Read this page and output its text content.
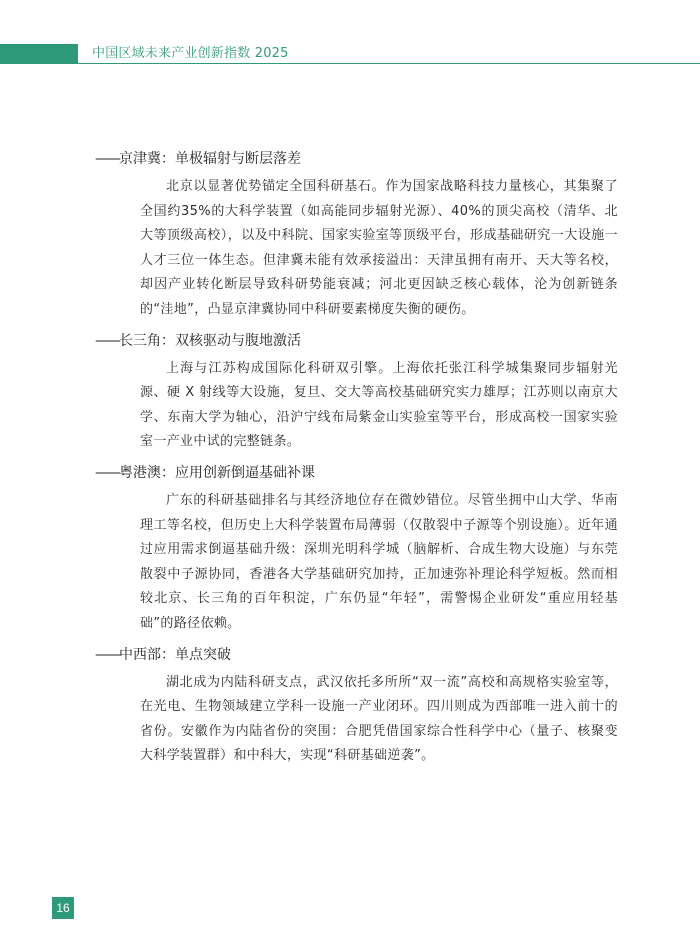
中国区域未来产业创新指数 2025
——京津冀：单极辐射与断层落差

北京以显著优势锚定全国科研基石。作为国家战略科技力量核心，其集聚了全国约35%的大科学装置（如高能同步辐射光源）、40%的顶尖高校（清华、北大等顶级高校），以及中科院、国家实验室等顶级平台，形成基础研究一大设施一人才三位一体生态。但津冀未能有效承接溢出：天津虽拥有南开、天大等名校，却因产业转化断层导致科研势能衰减；河北更因缺乏核心载体，沦为创新链条的“洼地”，凸显京津冀协同中科研要素梯度失衡的硬伤。

——长三角：双核驱动与腹地激活

上海与江苏构成国际化科研双引擎。上海依托张江科学城集聚同步辐射光源、硬 X 射线等大设施，复旦、交大等高校基础研究实力雄厚；江苏则以南京大学、东南大学为轴心，沿沪宁线布局紫金山实验室等平台，形成高校一国家实验室一产业中试的完整链条。

——粤港澳：应用创新倒逼基础补课

广东的科研基础排名与其经济地位存在微妙错位。尽管坐拥中山大学、华南理工等名校，但历史上大科学装置布局薄弱（仅散裂中子源等个别设施）。近年通过应用需求倒逼基础升级：深圳光明科学城（脑解析、合成生物大设施）与东莞散裂中子源协同，香港各大学基础研究加持，正加速弥补理论科学短板。然而相较北京、长三角的百年积淀，广东仍显“年轻”，需警惕企业研发“重应用轻基础”的路径依赖。

——中西部：单点突破

湖北成为内陆科研支点，武汉依托多所所“双一流”高校和高规格实验室等，在光电、生物领域建立学科一设施一产业闭环。四川则成为西部唯一进入前十的省份。安徽作为内陆省份的突围：合肥凭借国家综合性科学中心（量子、核聚变大科学装置群）和中科大，实现“科研基础逆袭”。

16
